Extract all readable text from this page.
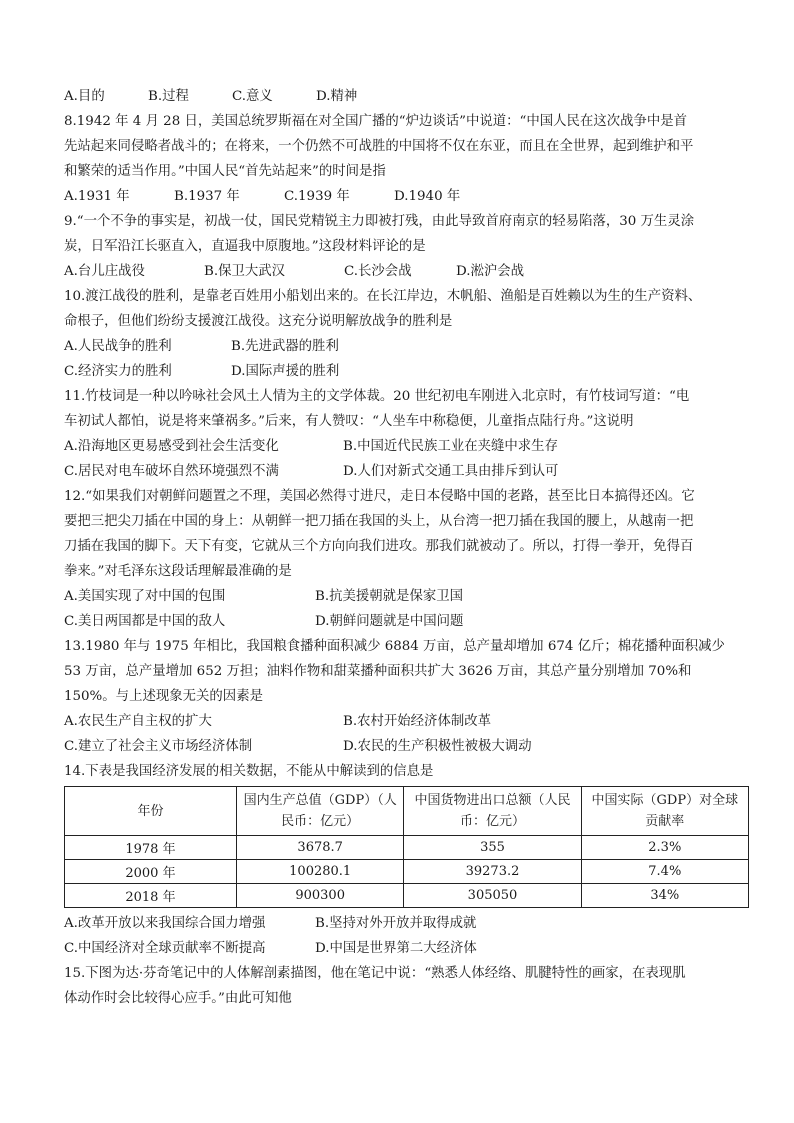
A.目的	B.过程	C.意义	D.精神
8.1942 年 4 月 28 日，美国总统罗斯福在对全国广播的“炉边谈话”中说道：“中国人民在这次战争中是首
先站起来同侵略者战斗的；在将来，一个仍然不可战胜的中国将不仅在东亚，而且在全世界，起到维护和平
和繁荣的适当作用。”中国人民“首先站起来”的时间是指
A.1931 年	B.1937 年	C.1939 年	D.1940 年
9.“一个不争的事实是，初战一仗，国民党精锐主力即被打残，由此导致首府南京的轻易陷落，30 万生灵涂
炭，日军沿江长驱直入，直逼我中原腹地。”这段材料评论的是
A.台儿庄战役	B.保卫大武汉	C.长沙会战	D.淞沪会战
10.渡江战役的胜利，是靠老百姓用小船划出来的。在长江岸边，木帆船、渔船是百姓赖以为生的生产资料、
命根子，但他们纷纷支援渡江战役。这充分说明解放战争的胜利是
A.人民战争的胜利	B.先进武器的胜利
C.经济实力的胜利	D.国际声援的胜利
11.竹枝词是一种以吟咏社会风土人情为主的文学体裁。20 世纪初电车刚进入北京时，有竹枝词写道：“电
车初试人都怕，说是将来肇祸多。”后来，有人赞叹：“人坐车中称稳便，儿童指点陆行舟。”这说明
A.沿海地区更易感受到社会生活变化	B.中国近代民族工业在夹缝中求生存
C.居民对电车破坏自然环境强烈不满	D.人们对新式交通工具由排斥到认可
12.“如果我们对朝鲜问题置之不理，美国必然得寸进尺，走日本侵略中国的老路，甚至比日本搞得还凶。它
要把三把尖刀插在中国的身上：从朝鲜一把刀插在我国的头上，从台湾一把刀插在我国的腰上，从越南一把
刀插在我国的脚下。天下有变，它就从三个方向向我们进攻。那我们就被动了。所以，打得一拳开，免得百
拳来。”对毛泽东这段话理解最准确的是
A.美国实现了对中国的包围	B.抗美援朝就是保家卫国
C.美日两国都是中国的敌人	D.朝鲜问题就是中国问题
13.1980 年与 1975 年相比，我国粮食播种面积减少 6884 万亩，总产量却增加 674 亿斤；棉花播种面积减少
53 万亩，总产量增加 652 万担；油料作物和甜菜播种面积共扩大 3626 万亩，其总产量分别增加 70%和
150%。与上述现象无关的因素是
A.农民生产自主权的扩大	B.农村开始经济体制改革
C.建立了社会主义市场经济体制	D.农民的生产积极性被极大调动
14.下表是我国经济发展的相关数据，不能从中解读到的信息是
年份	国内生产总值（GDP）（人民币：亿元）	中国货物进出口总额（人民币：亿元）	中国实际（GDP）对全球贡献率
1978 年	3678.7	355	2.3%
2000 年	100280.1	39273.2	7.4%
2018 年	900300	305050	34%
A.改革开放以来我国综合国力增强	B.坚持对外开放并取得成就
C.中国经济对全球贡献率不断提高	D.中国是世界第二大经济体
15.下图为达·芬奇笔记中的人体解剖素描图，他在笔记中说：“熟悉人体经络、肌腱特性的画家，在表现肌
体动作时会比较得心应手。”由此可知他
